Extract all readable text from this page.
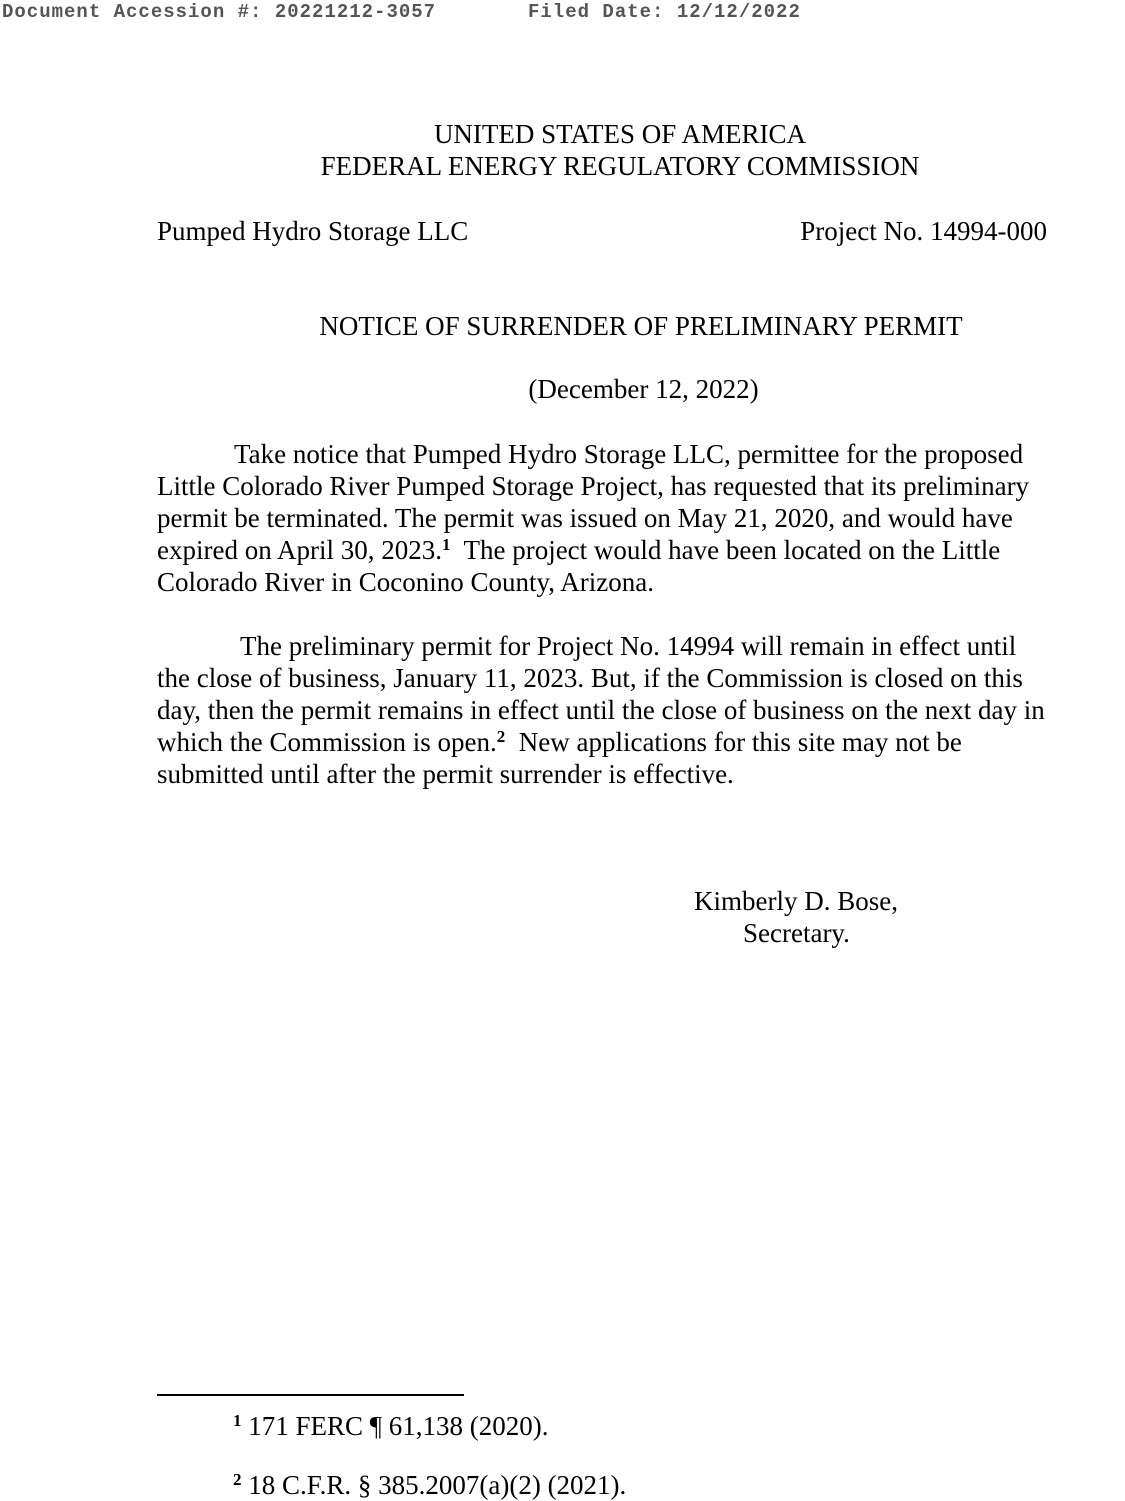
Document Accession #: 20221212-3057	Filed Date: 12/12/2022
UNITED STATES OF AMERICA
FEDERAL ENERGY REGULATORY COMMISSION
Pumped Hydro Storage LLC	Project No. 14994-000
NOTICE OF SURRENDER OF PRELIMINARY PERMIT
(December 12, 2022)
Take notice that Pumped Hydro Storage LLC, permittee for the proposed
Little Colorado River Pumped Storage Project, has requested that its preliminary
permit be terminated. The permit was issued on May 21, 2020, and would have
expired on April 30, 2023.$^1$  The project would have been located on the Little
Colorado River in Coconino County, Arizona.
The preliminary permit for Project No. 14994 will remain in effect until
the close of business, January 11, 2023. But, if the Commission is closed on this
day, then the permit remains in effect until the close of business on the next day in
which the Commission is open.$^2$  New applications for this site may not be
submitted until after the permit surrender is effective.
Kimberly D. Bose,
Secretary.
$^1$ 171 FERC ¶ 61,138 (2020).
$^2$ 18 C.F.R. § 385.2007(a)(2) (2021).
